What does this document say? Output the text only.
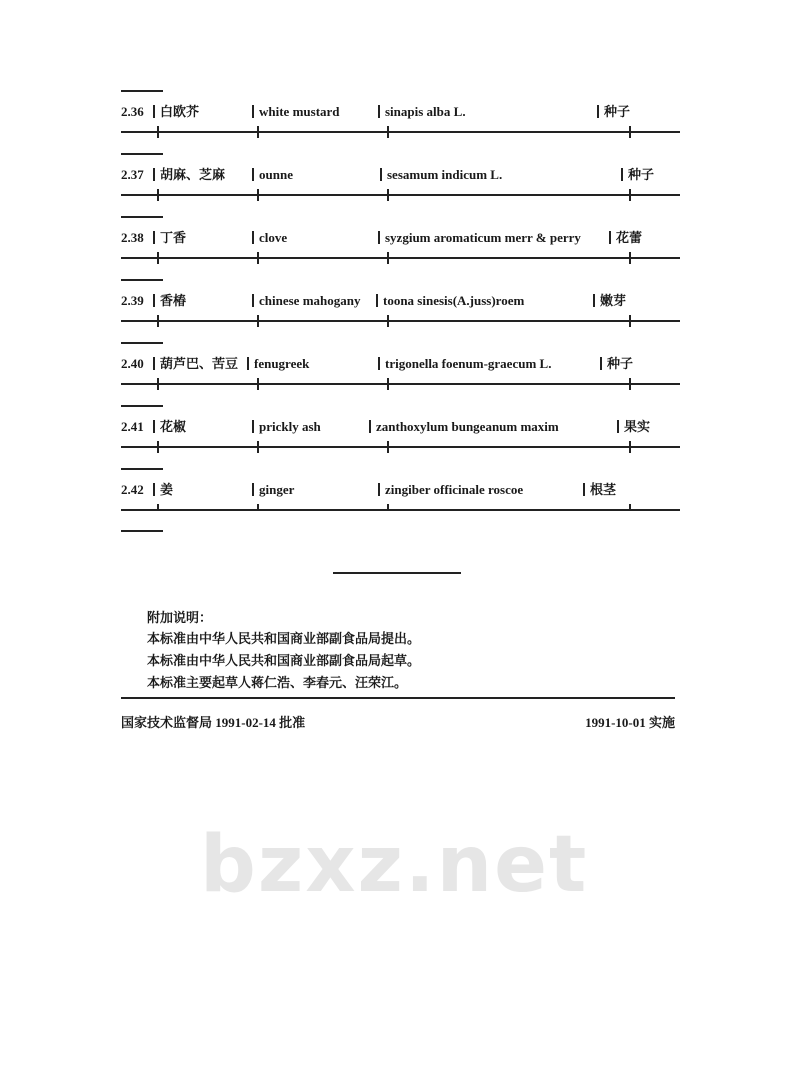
bzxz.net
2.36	白欧芥	white mustard	sinapis alba L.	种子
2.37	胡麻、芝麻	ounne	sesamum indicum L.	种子
2.38	丁香	clove	syzgium aromaticum merr & perry	花蕾
2.39	香椿	chinese mahogany	toona sinesis(A.juss)roem	嫩芽
2.40	葫芦巴、苦豆	fenugreek	trigonella foenum-graecum L.	种子
2.41	花椒	prickly ash	zanthoxylum bungeanum maxim	果实
2.42	姜	ginger	zingiber officinale roscoe	根茎
附加说明：
本标准由中华人民共和国商业部副食品局提出。
本标准由中华人民共和国商业部副食品局起草。
本标准主要起草人蒋仁浩、李春元、汪荣江。
国家技术监督局 1991-02-14 批准	1991-10-01 实施
